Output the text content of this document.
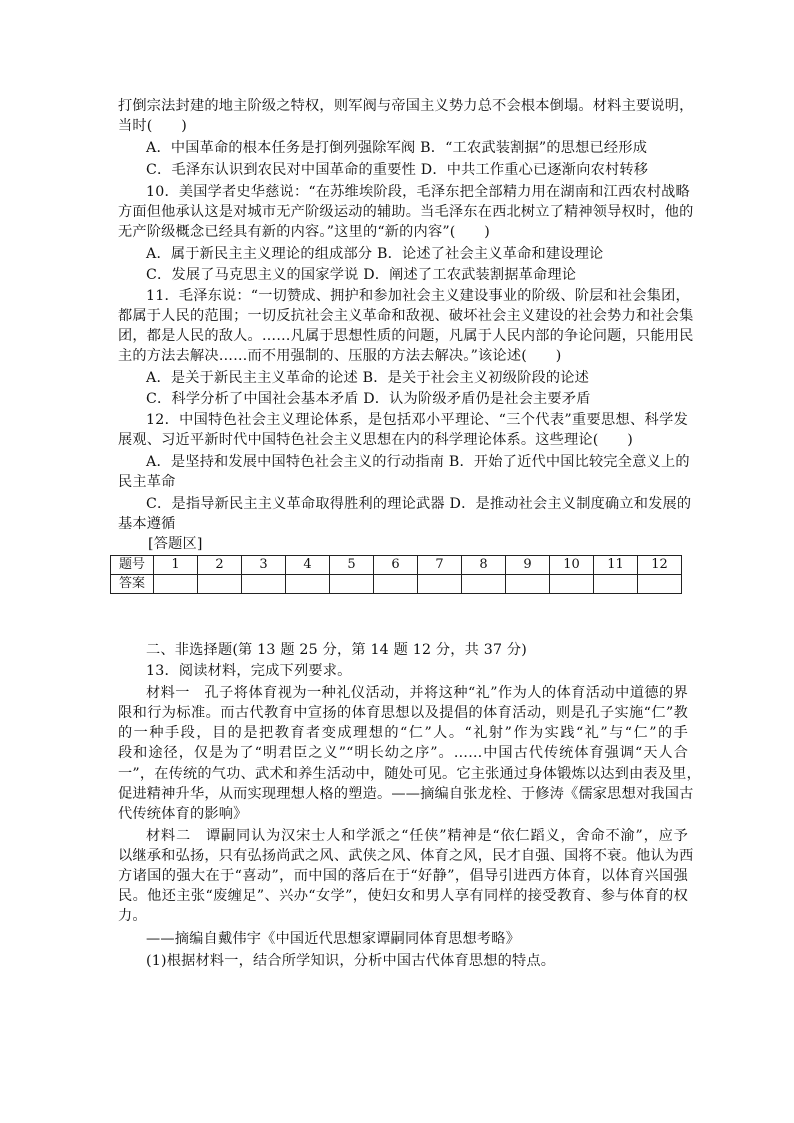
打倒宗法封建的地主阶级之特权，则军阀与帝国主义势力总不会根本倒塌。材料主要说明，
当时(　　)
A．中国革命的根本任务是打倒列强除军阀 B．“工农武装割据”的思想已经形成
C．毛泽东认识到农民对中国革命的重要性 D．中共工作重心已逐渐向农村转移
10．美国学者史华慈说：“在苏维埃阶段，毛泽东把全部精力用在湖南和江西农村战略
方面但他承认这是对城市无产阶级运动的辅助。当毛泽东在西北树立了精神领导权时，他的
无产阶级概念已经具有新的内容。”这里的“新的内容”(　　)
A．属于新民主主义理论的组成部分 B．论述了社会主义革命和建设理论
C．发展了马克思主义的国家学说 D．阐述了工农武装割据革命理论
11．毛泽东说：“一切赞成、拥护和参加社会主义建设事业的阶级、阶层和社会集团，
都属于人民的范围；一切反抗社会主义革命和敌视、破坏社会主义建设的社会势力和社会集
团，都是人民的敌人。……凡属于思想性质的问题，凡属于人民内部的争论问题，只能用民
主的方法去解决……而不用强制的、压服的方法去解决。”该论述(　　)
A．是关于新民主主义革命的论述 B．是关于社会主义初级阶段的论述
C．科学分析了中国社会基本矛盾 D．认为阶级矛盾仍是社会主要矛盾
12．中国特色社会主义理论体系，是包括邓小平理论、“三个代表”重要思想、科学发
展观、习近平新时代中国特色社会主义思想在内的科学理论体系。这些理论(　　)
A．是坚持和发展中国特色社会主义的行动指南 B．开始了近代中国比较完全意义上的
民主革命
C．是指导新民主主义革命取得胜利的理论武器 D．是推动社会主义制度确立和发展的
基本遵循
[答题区]
题号	1	2	3	4	5	6	7	8	9	10	11	12
答案												
二、非选择题(第 13 题 25 分，第 14 题 12 分，共 37 分)
13．阅读材料，完成下列要求。
材料一　孔子将体育视为一种礼仪活动，并将这种“礼”作为人的体育活动中道德的界
限和行为标准。而古代教育中宣扬的体育思想以及提倡的体育活动，则是孔子实施“仁”教
的一种手段，目的是把教育者变成理想的“仁”人。“礼射”作为实践“礼”与“仁”的手
段和途径，仅是为了“明君臣之义”“明长幼之序”。……中国古代传统体育强调“天人合
一”，在传统的气功、武术和养生活动中，随处可见。它主张通过身体锻炼以达到由表及里，
促进精神升华，从而实现理想人格的塑造。——摘编自张龙栓、于修涛《儒家思想对我国古
代传统体育的影响》
材料二　谭嗣同认为汉宋士人和学派之“任侠”精神是“依仁蹈义，舍命不渝”，应予
以继承和弘扬，只有弘扬尚武之风、武侠之风、体育之风，民才自强、国将不衰。他认为西
方诸国的强大在于“喜动”，而中国的落后在于“好静”，倡导引进西方体育，以体育兴国强
民。他还主张“废缠足”、兴办“女学”，使妇女和男人享有同样的接受教育、参与体育的权
力。
——摘编自戴伟宇《中国近代思想家谭嗣同体育思想考略》
(1)根据材料一，结合所学知识，分析中国古代体育思想的特点。
